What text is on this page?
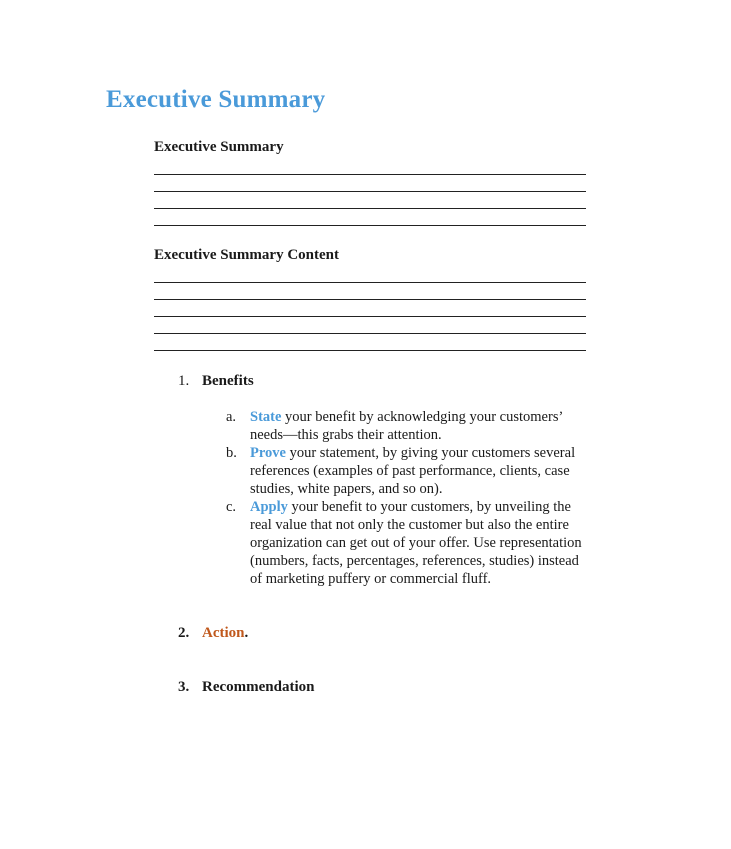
Executive Summary
Executive Summary
Executive Summary Content
1. Benefits
a. State your benefit by acknowledging your customers’ needs—this grabs their attention.
b. Prove your statement, by giving your customers several references (examples of past performance, clients, case studies, white papers, and so on).
c. Apply your benefit to your customers, by unveiling the real value that not only the customer but also the entire organization can get out of your offer. Use representation (numbers, facts, percentages, references, studies) instead of marketing puffery or commercial fluff.
2. Action.
3. Recommendation
